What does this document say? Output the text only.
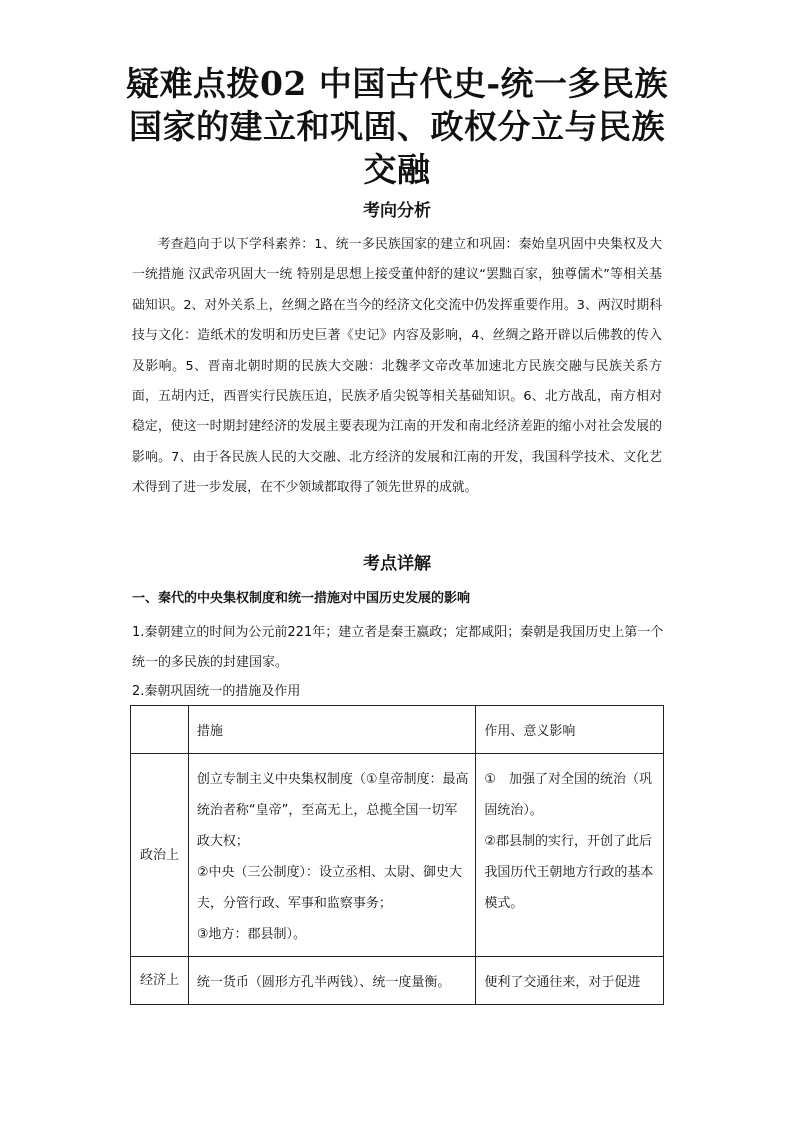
疑难点拨02 中国古代史-统一多民族
国家的建立和巩固、政权分立与民族
交融
考向分析
考查趋向于以下学科素养：1、统一多民族国家的建立和巩固：秦始皇巩固中央集权及大一统措施 汉武帝巩固大一统 特别是思想上接受董仲舒的建议“罢黜百家，独尊儒术”等相关基础知识。2、对外关系上，丝绸之路在当今的经济文化交流中仍发挥重要作用。3、两汉时期科技与文化：造纸术的发明和历史巨著《史记》内容及影响，4、丝绸之路开辟以后佛教的传入及影响。5、晋南北朝时期的民族大交融：北魏孝文帝改革加速北方民族交融与民族关系方面，五胡内迁，西晋实行民族压迫，民族矛盾尖锐等相关基础知识。6、北方战乱，南方相对稳定，使这一时期封建经济的发展主要表现为江南的开发和南北经济差距的缩小对社会发展的影响。7、由于各民族人民的大交融、北方经济的发展和江南的开发，我国科学技术、文化艺术得到了进一步发展，在不少领域都取得了领先世界的成就。
考点详解
一、秦代的中央集权制度和统一措施对中国历史发展的影响
1.秦朝建立的时间为公元前221年；建立者是秦王嬴政；定都咸阳；秦朝是我国历史上第一个统一的多民族的封建国家。
2.秦朝巩固统一的措施及作用
	措施	作用、意义影响
政治上	创立专制主义中央集权制度（①皇帝制度：最高统治者称“皇帝”，至高无上，总揽全国一切军政大权；
②中央（三公制度）：设立丞相、太尉、御史大夫，分管行政、军事和监察事务；
③地方：郡县制）。	①　加强了对全国的统治（巩固统治）。
②郡县制的实行，开创了此后我国历代王朝地方行政的基本模式。

经济上	统一货币（圆形方孔半两钱）、统一度量衡。	便利了交通往来，对于促进
